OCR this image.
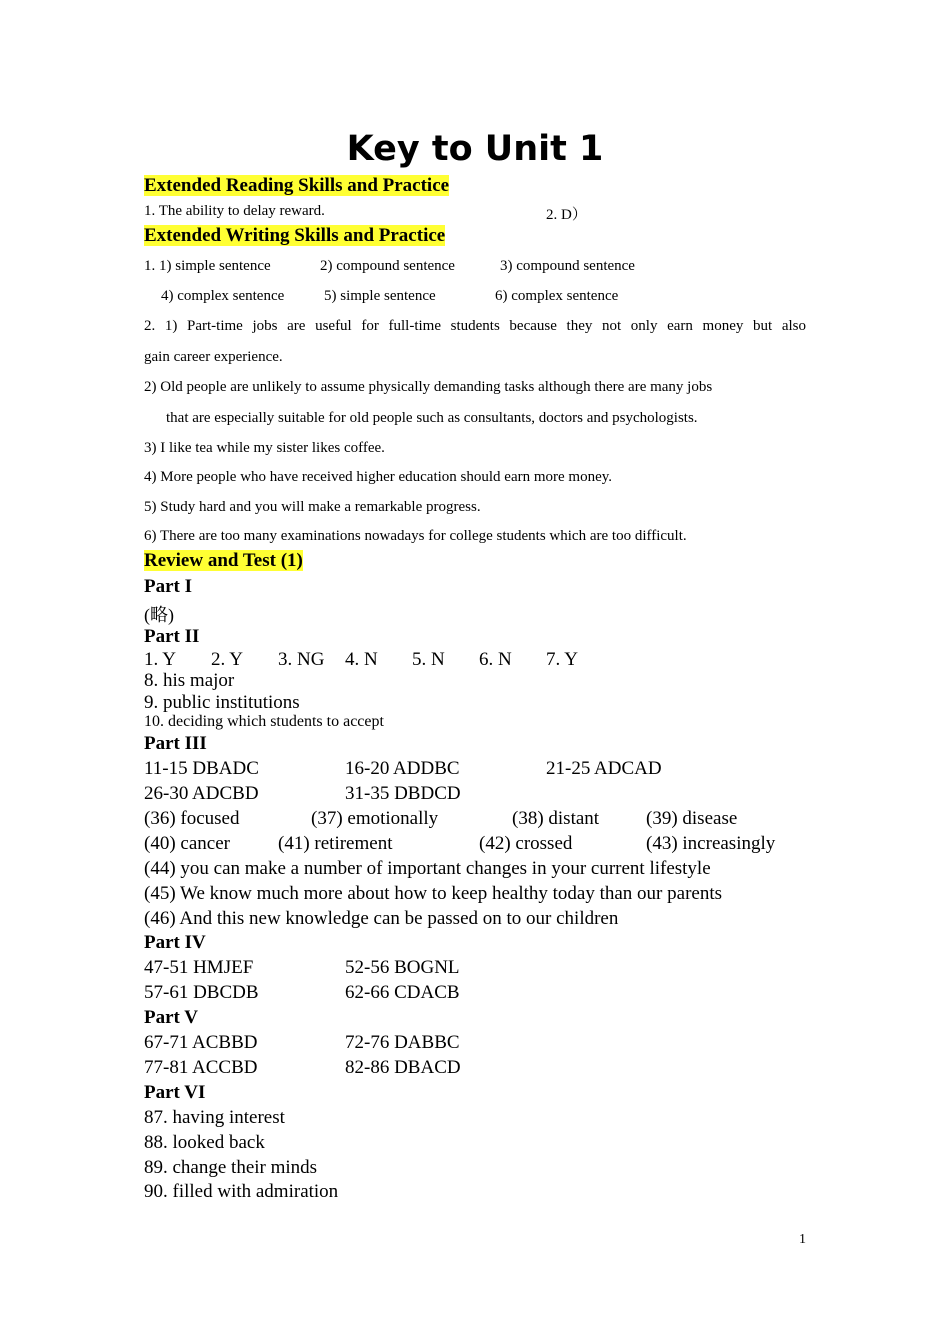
Key to Unit 1
Extended Reading Skills and Practice
1. The ability to delay reward.	2. D）
Extended Writing Skills and Practice
1. 1) simple sentence	2) compound sentence	3) compound sentence
4) complex sentence	5) simple sentence	6) complex sentence
2. 1) Part-time jobs are useful for full-time students because they not only earn money but also
gain career experience.
2) Old people are unlikely to assume physically demanding tasks although there are many jobs
that are especially suitable for old people such as consultants, doctors and psychologists.
3) I like tea while my sister likes coffee.
4) More people who have received higher education should earn more money.
5) Study hard and you will make a remarkable progress.
6) There are too many examinations nowadays for college students which are too difficult.
Review and Test (1)
Part I
(略)
Part II
1. Y 2. Y 3. NG 4. N 5. N 6. N 7. Y
8. his major
9. public institutions
10. deciding which students to accept
Part III
11-15 DBADC	16-20 ADDBC	21-25 ADCAD
26-30 ADCBD	31-35 DBDCD
(36) focused	(37) emotionally	(38) distant (39) disease
(40) cancer	(41) retirement	(42) crossed	(43) increasingly
(44) you can make a number of important changes in your current lifestyle
(45) We know much more about how to keep healthy today than our parents
(46) And this new knowledge can be passed on to our children
Part IV
47-51 HMJEF	52-56 BOGNL
57-61 DBCDB	62-66 CDACB
Part V
67-71 ACBBD	72-76 DABBC
77-81 ACCBD	82-86 DBACD
Part VI
87. having interest
88. looked back
89. change their minds
90. filled with admiration
1
